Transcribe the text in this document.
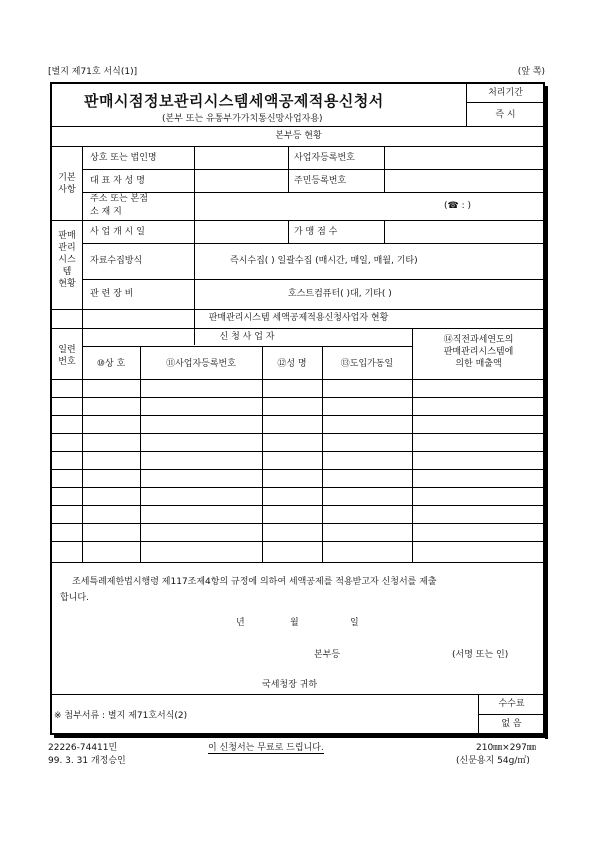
[별지 제71호 서식(1)]	(앞 쪽)
판매시점정보관리시스템세액공제적용신청서
(본부 또는 유통부가가치통신망사업자용)
처리기간
즉 시
본부등 현황
기본
사항
상호 또는 법인명	사업자등록번호
대 표 자 성 명	주민등록번호
주소 또는 본점
소 재 지
(☎ : )
판매
관리
시스
템
현황
사 업 개 시 일	가 맹 점 수
자료수집방식	즉시수집( ) 일괄수집 (매시간, 매일, 매월, 기타)
관 련 장 비	호스트컴퓨터( )대, 기타( )
판매관리시스템 세액공제적용신청사업자 현황
일련
번호
신 청 사 업 자
⑩상 호	⑪사업자등록번호	⑫성 명	⑬도입가동일
⑭직전과세연도의
판매관리시스템에
의한 매출액
조세특례제한법시행령 제117조제4항의 규정에 의하여 세액공제를 적용받고자 신청서를 제출
합니다.
년	월	일
본부등	(서명 또는 인)
국세청장 귀하
※ 첨부서류 : 별지 제71호서식(2)
수수료
없 음
22226-74411민
99. 3. 31 개정승인
이 신청서는 무료로 드립니다.	210㎜×297㎜
(신문용지 54g/㎡)
